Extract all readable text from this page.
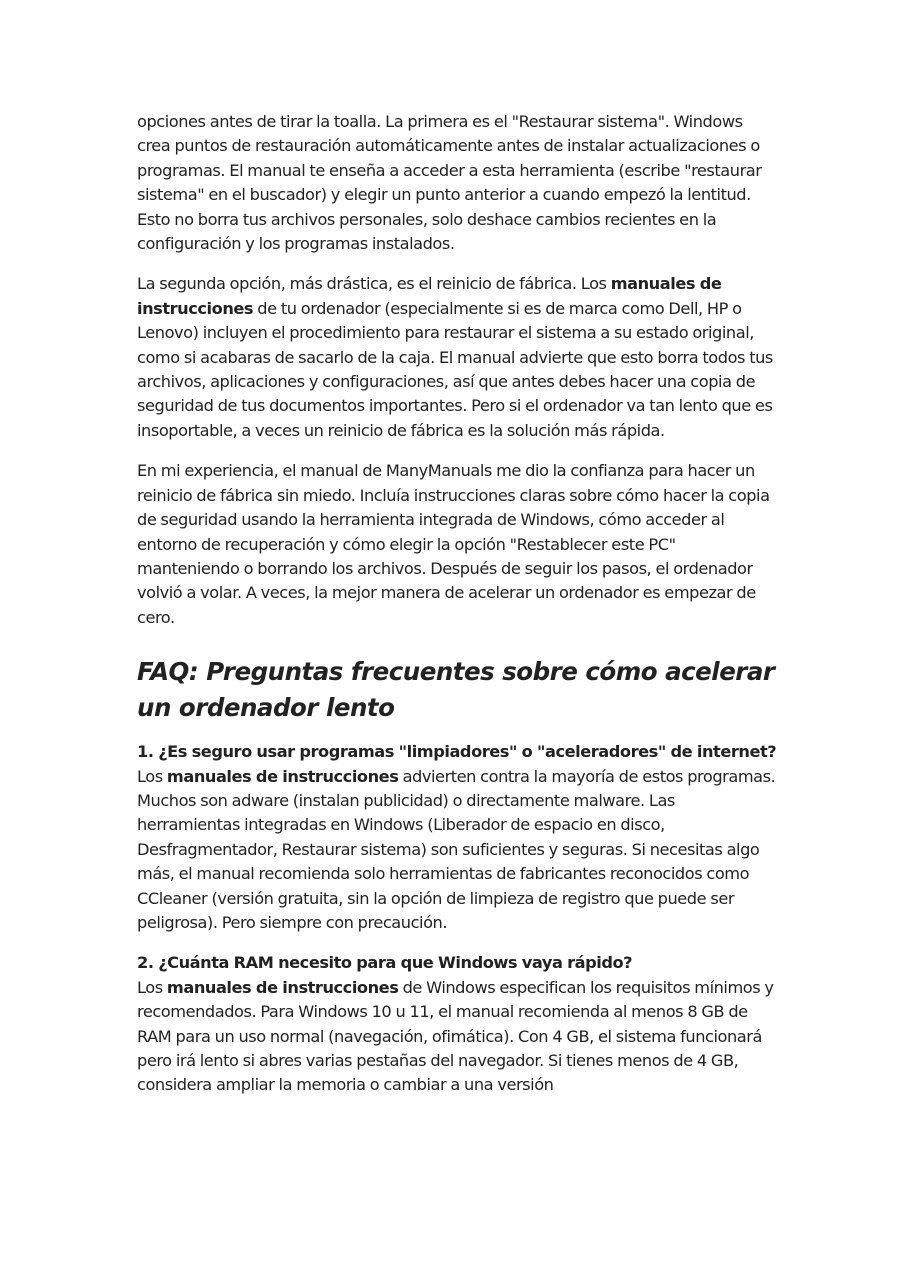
opciones antes de tirar la toalla. La primera es el "Restaurar sistema". Windows crea puntos de restauración automáticamente antes de instalar actualizaciones o programas. El manual te enseña a acceder a esta herramienta (escribe "restaurar sistema" en el buscador) y elegir un punto anterior a cuando empezó la lentitud. Esto no borra tus archivos personales, solo deshace cambios recientes en la configuración y los programas instalados.

La segunda opción, más drástica, es el reinicio de fábrica. Los manuales de instrucciones de tu ordenador (especialmente si es de marca como Dell, HP o Lenovo) incluyen el procedimiento para restaurar el sistema a su estado original, como si acabaras de sacarlo de la caja. El manual advierte que esto borra todos tus archivos, aplicaciones y configuraciones, así que antes debes hacer una copia de seguridad de tus documentos importantes. Pero si el ordenador va tan lento que es insoportable, a veces un reinicio de fábrica es la solución más rápida.

En mi experiencia, el manual de ManyManuals me dio la confianza para hacer un reinicio de fábrica sin miedo. Incluía instrucciones claras sobre cómo hacer la copia de seguridad usando la herramienta integrada de Windows, cómo acceder al entorno de recuperación y cómo elegir la opción "Restablecer este PC" manteniendo o borrando los archivos. Después de seguir los pasos, el ordenador volvió a volar. A veces, la mejor manera de acelerar un ordenador es empezar de cero.

FAQ: Preguntas frecuentes sobre cómo acelerar un ordenador lento
1. ¿Es seguro usar programas "limpiadores" o "aceleradores" de internet?
Los manuales de instrucciones advierten contra la mayoría de estos programas. Muchos son adware (instalan publicidad) o directamente malware. Las herramientas integradas en Windows (Liberador de espacio en disco, Desfragmentador, Restaurar sistema) son suficientes y seguras. Si necesitas algo más, el manual recomienda solo herramientas de fabricantes reconocidos como CCleaner (versión gratuita, sin la opción de limpieza de registro que puede ser peligrosa). Pero siempre con precaución.
2. ¿Cuánta RAM necesito para que Windows vaya rápido?
Los manuales de instrucciones de Windows especifican los requisitos mínimos y recomendados. Para Windows 10 u 11, el manual recomienda al menos 8 GB de RAM para un uso normal (navegación, ofimática). Con 4 GB, el sistema funcionará pero irá lento si abres varias pestañas del navegador. Si tienes menos de 4 GB, considera ampliar la memoria o cambiar a una versión
